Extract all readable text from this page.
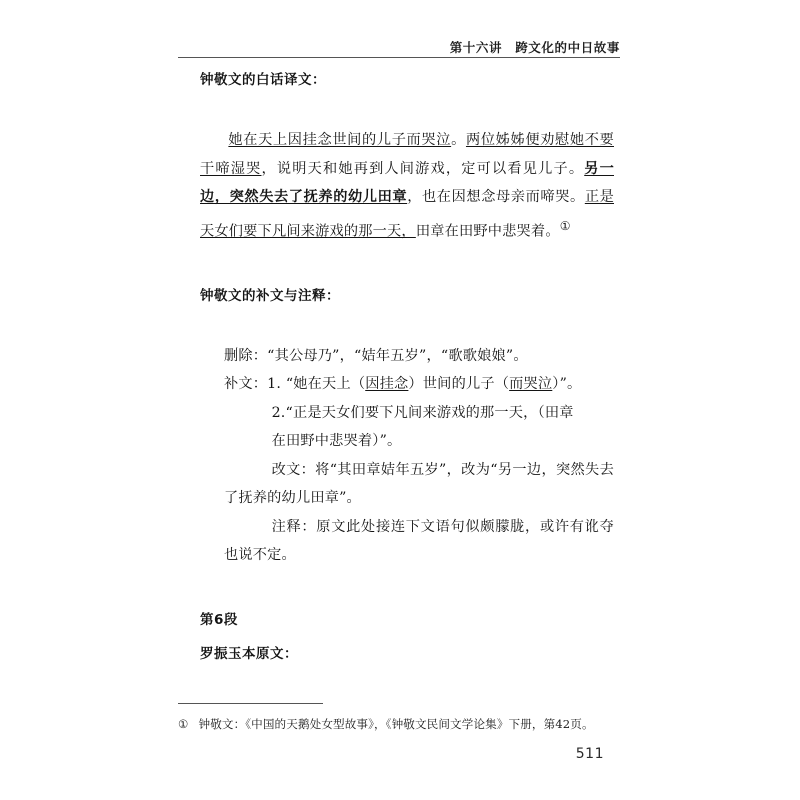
第十六讲　跨文化的中日故事
钟敬文的白话译文：
她在天上因挂念世间的儿子而哭泣。两位姊姊便劝慰她不要干啼湿哭，说明天和她再到人间游戏，定可以看见儿子。另一边，突然失去了抚养的幼儿田章，也在因想念母亲而啼哭。正是天女们要下凡间来游戏的那一天，田章在田野中悲哭着。①
钟敬文的补文与注释：
删除：“其公母乃”，“姞年五岁”，“歌歌娘娘”。
补文：1. “她在天上（因挂念）世间的儿子（而哭泣）”。
2.“正是天女们要下凡间来游戏的那一天，（田章
在田野中悲哭着）”。
改文：将“其田章姞年五岁”，改为“另一边，突然失去了抚养的幼儿田章”。
注释：原文此处接连下文语句似颇朦胧，或许有讹夺也说不定。
第6段
罗振玉本原文：
① 钟敬文：《中国的天鹅处女型故事》，《钟敬文民间文学论集》下册，第42页。
511
